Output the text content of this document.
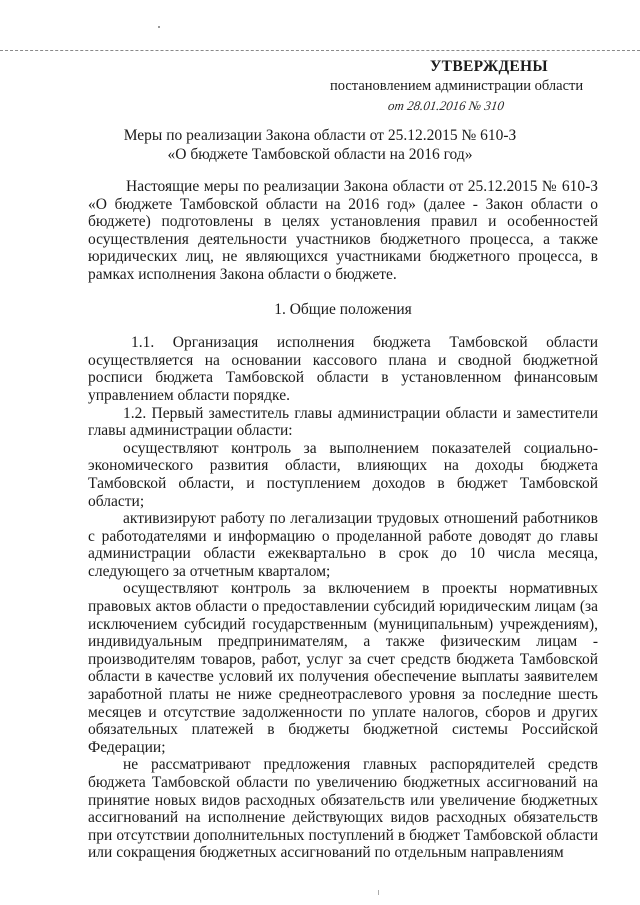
УТВЕРЖДЕНЫ
постановлением администрации области
от 28.01.2016 № 310
Меры по реализации Закона области от 25.12.2015 № 610-З
«О бюджете Тамбовской области на 2016 год»

Настоящие меры по реализации Закона области от 25.12.2015 № 610-З «О бюджете Тамбовской области на 2016 год» (далее - Закон области о бюджете) подготовлены в целях установления правил и особенностей осуществления деятельности участников бюджетного процесса, а также юридических лиц, не являющихся участниками бюджетного процесса, в рамках исполнения Закона области о бюджете.

1. Общие положения

1.1. Организация исполнения бюджета Тамбовской области осуществляется на основании кассового плана и сводной бюджетной росписи бюджета Тамбовской области в установленном финансовым управлением области порядке.

1.2. Первый заместитель главы администрации области и заместители главы администрации области:

осуществляют контроль за выполнением показателей социально-экономического развития области, влияющих на доходы бюджета Тамбовской области, и поступлением доходов в бюджет Тамбовской области;

активизируют работу по легализации трудовых отношений работников с работодателями и информацию о проделанной работе доводят до главы администрации области ежеквартально в срок до 10 числа месяца, следующего за отчетным кварталом;

осуществляют контроль за включением в проекты нормативных правовых актов области о предоставлении субсидий юридическим лицам (за исключением субсидий государственным (муниципальным) учреждениям), индивидуальным предпринимателям, а также физическим лицам - производителям товаров, работ, услуг за счет средств бюджета Тамбовской области в качестве условий их получения обеспечение выплаты заявителем заработной платы не ниже среднеотраслевого уровня за последние шесть месяцев и отсутствие задолженности по уплате налогов, сборов и других обязательных платежей в бюджеты бюджетной системы Российской Федерации;

не рассматривают предложения главных распорядителей средств бюджета Тамбовской области по увеличению бюджетных ассигнований на принятие новых видов расходных обязательств или увеличение бюджетных ассигнований на исполнение действующих видов расходных обязательств при отсутствии дополнительных поступлений в бюджет Тамбовской области или сокращения бюджетных ассигнований по отдельным направлениям
